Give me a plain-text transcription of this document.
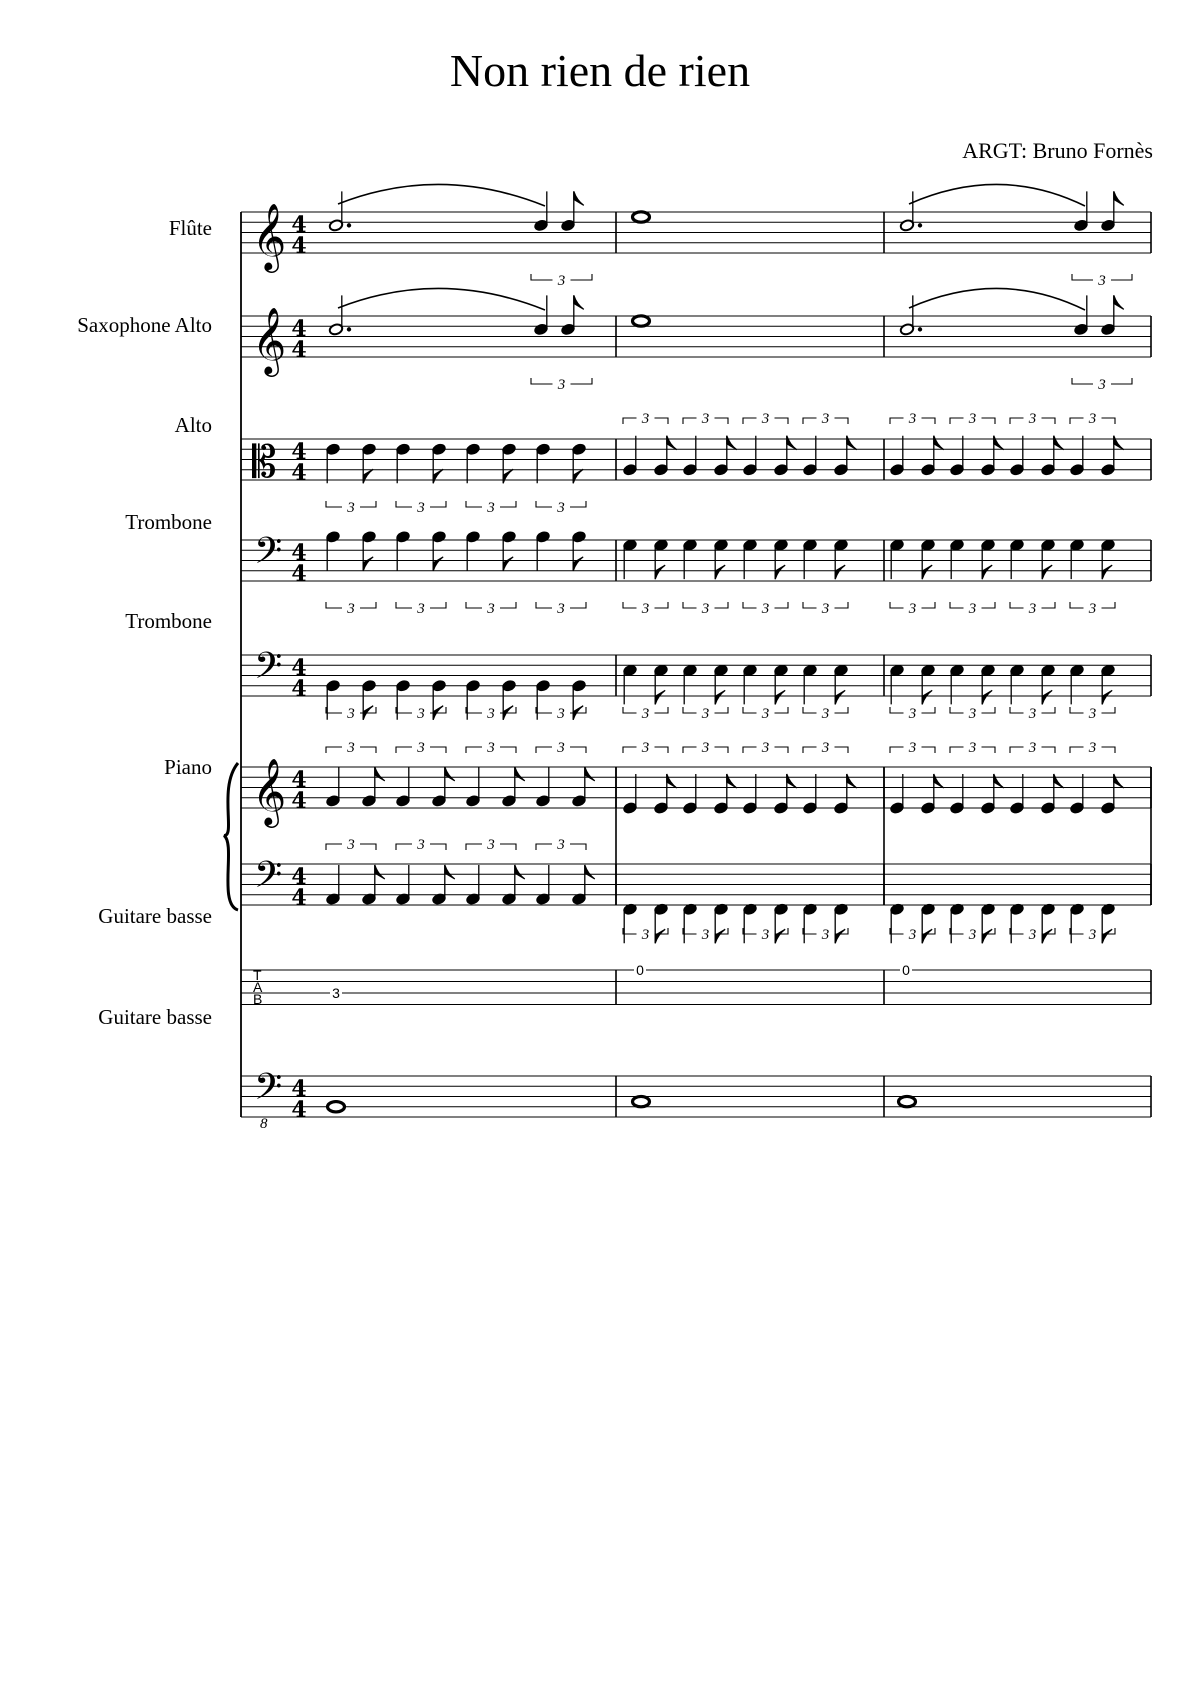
Non rien de rien
ARGT: Bruno Fornès
Flûte
Saxophone Alto
Alto
Trombone
Trombone
Piano
Guitare basse
Guitare basse
𝄞 4
4
3	3
𝄞 4
4
3	3
𝄡 4
4
3	3	3	3
3	3	3	3	3	3	3	3
𝄢 4
4
3	3	3	3	3	3	3	3	3	3	3	3
𝄢 4
4
3	3	3	3	3	3	3	3	3	3	3	3
𝄞 4
4
𝄢 4
4
3	3	3	3	3	3	3	3	3	3	3	3
3	3	3	3
3	3	3	3	3	3	3	3
T
A
B	3
0	0
𝄢 4
4
8
